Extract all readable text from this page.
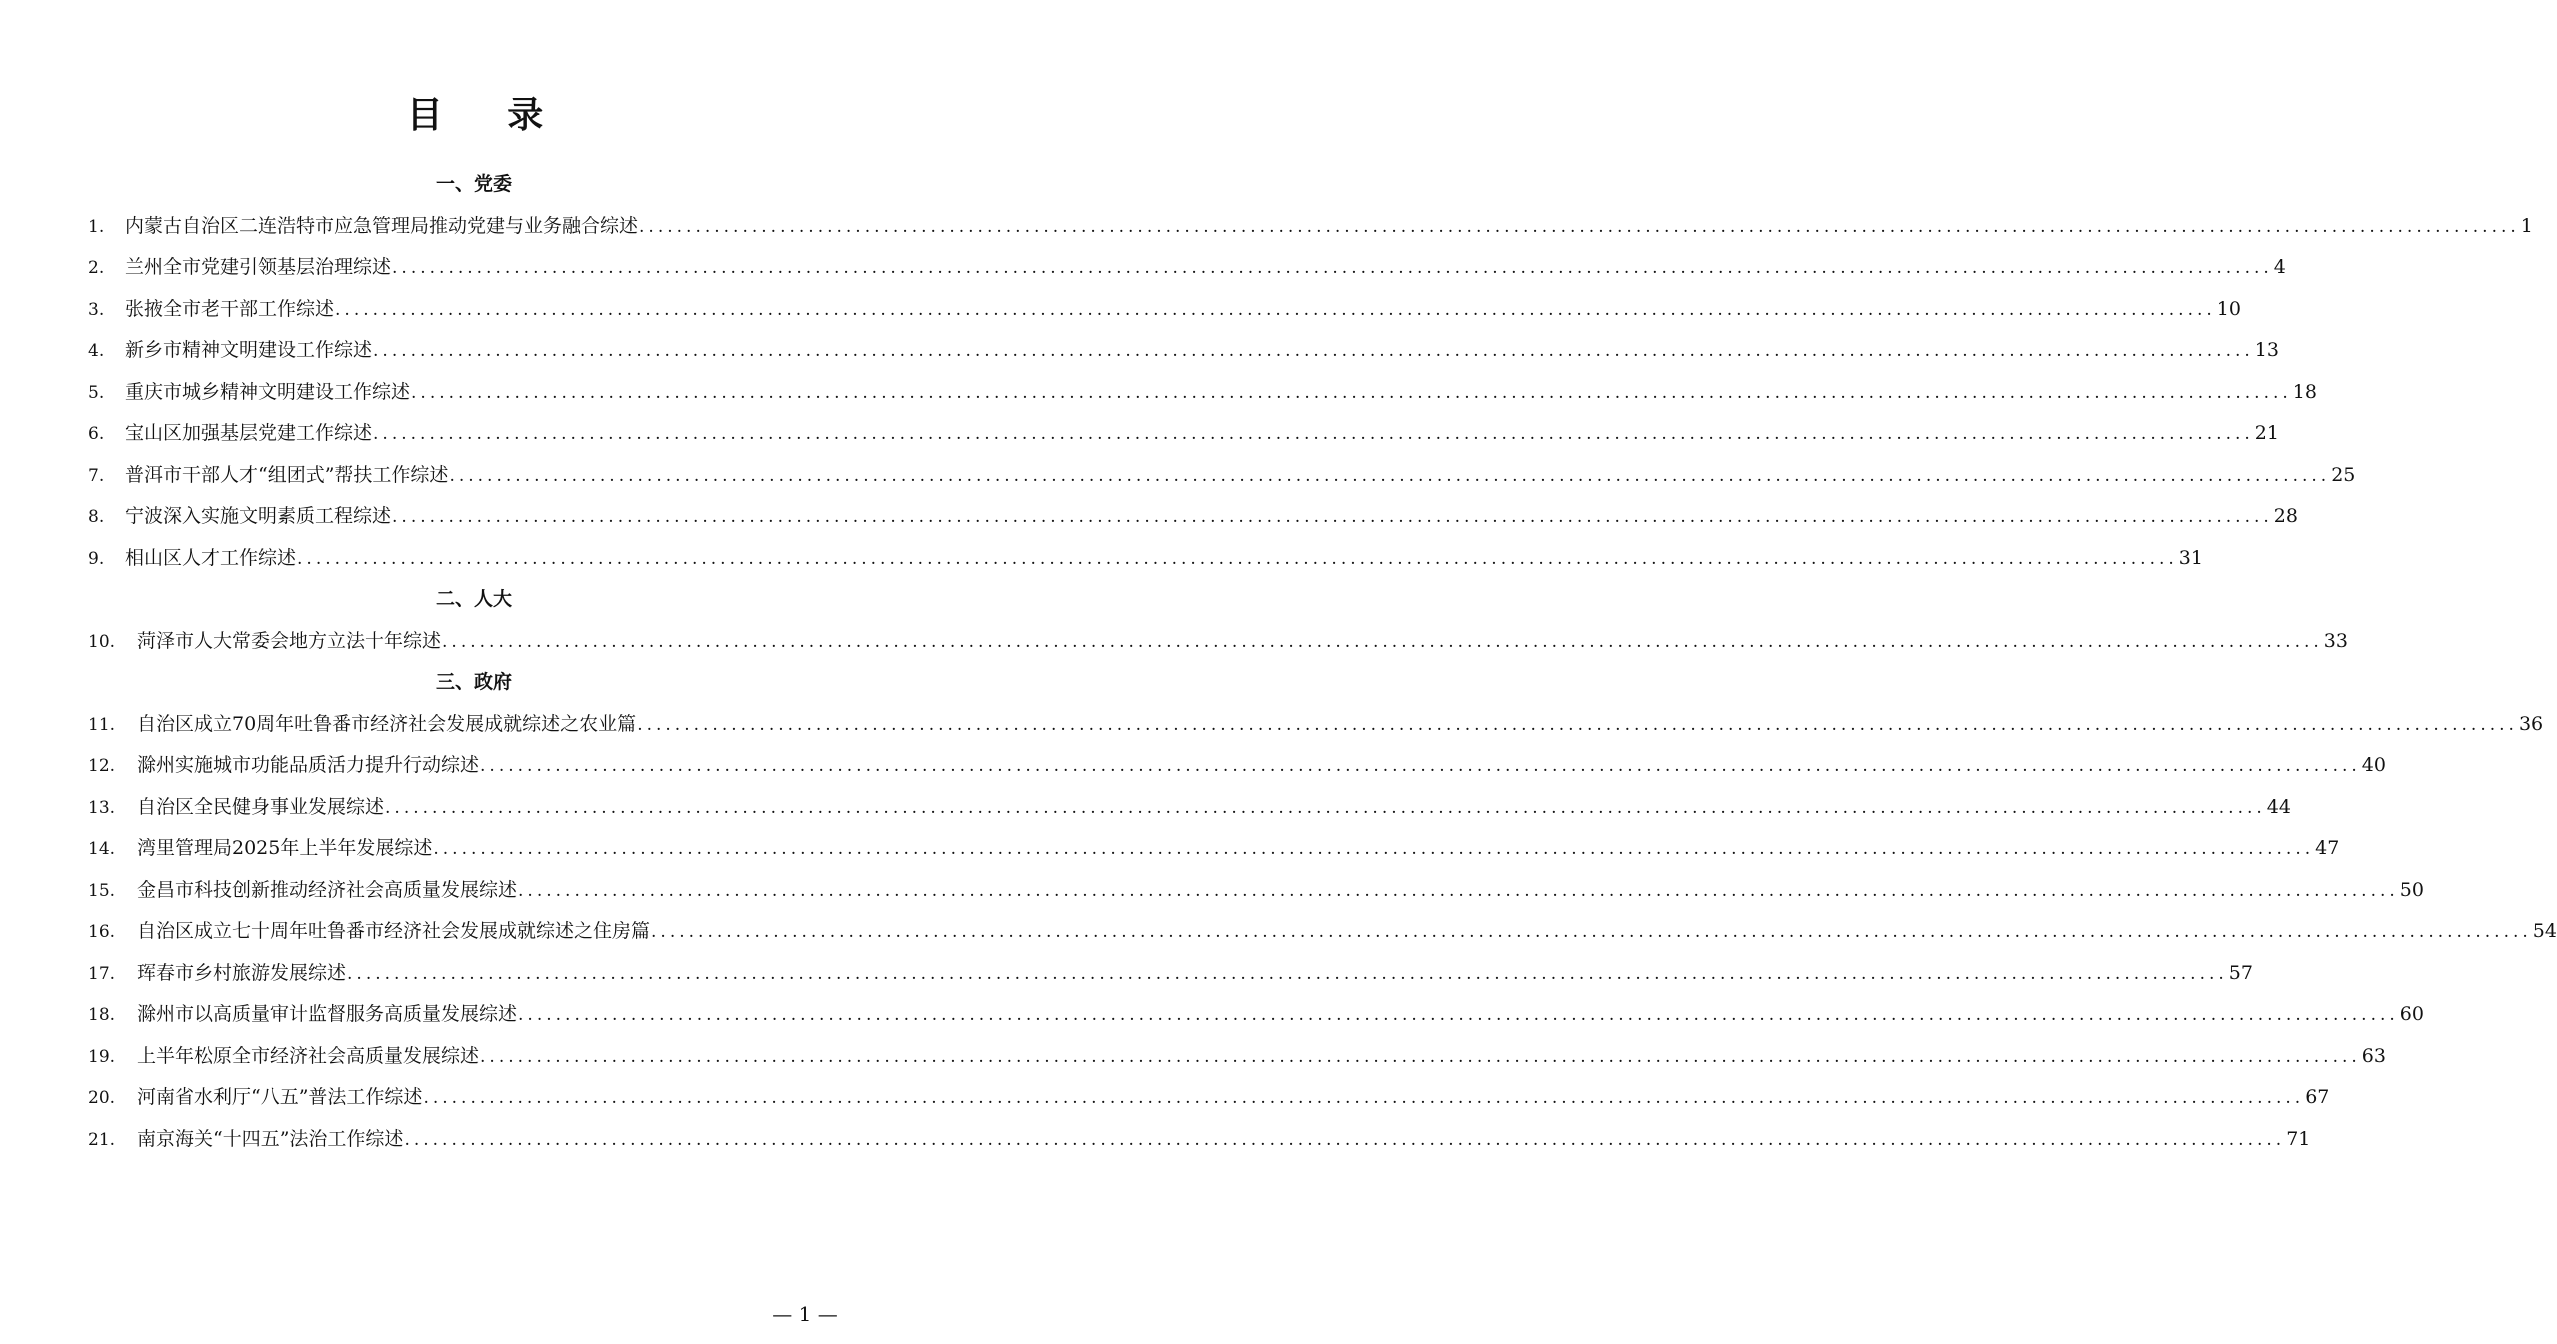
目 录
一、党委
1.	内蒙古自治区二连浩特市应急管理局推动党建与业务融合综述 ........................................................................................................................................................................................................ 1
2.	兰州全市党建引领基层治理综述 ........................................................................................................................................................................................................ 4
3.	张掖全市老干部工作综述 ........................................................................................................................................................................................................ 10
4.	新乡市精神文明建设工作综述 ........................................................................................................................................................................................................ 13
5.	重庆市城乡精神文明建设工作综述 ........................................................................................................................................................................................................ 18
6.	宝山区加强基层党建工作综述 ........................................................................................................................................................................................................ 21
7.	普洱市干部人才“组团式”帮扶工作综述 ........................................................................................................................................................................................................ 25
8.	宁波深入实施文明素质工程综述 ........................................................................................................................................................................................................ 28
9.	相山区人才工作综述 ........................................................................................................................................................................................................ 31
二、人大
10.	菏泽市人大常委会地方立法十年综述 ........................................................................................................................................................................................................ 33
三、政府
11.	自治区成立70周年吐鲁番市经济社会发展成就综述之农业篇 ........................................................................................................................................................................................................ 36
12.	滁州实施城市功能品质活力提升行动综述 ........................................................................................................................................................................................................ 40
13.	自治区全民健身事业发展综述 ........................................................................................................................................................................................................ 44
14.	湾里管理局2025年上半年发展综述 ........................................................................................................................................................................................................ 47
15.	金昌市科技创新推动经济社会高质量发展综述 ........................................................................................................................................................................................................ 50
16.	自治区成立七十周年吐鲁番市经济社会发展成就综述之住房篇 ........................................................................................................................................................................................................ 54
17.	珲春市乡村旅游发展综述 ........................................................................................................................................................................................................ 57
18.	滁州市以高质量审计监督服务高质量发展综述 ........................................................................................................................................................................................................ 60
19.	上半年松原全市经济社会高质量发展综述 ........................................................................................................................................................................................................ 63
20.	河南省水利厅“八五”普法工作综述 ........................................................................................................................................................................................................ 67
21.	南京海关“十四五”法治工作综述 ........................................................................................................................................................................................................ 71
— 1 —
